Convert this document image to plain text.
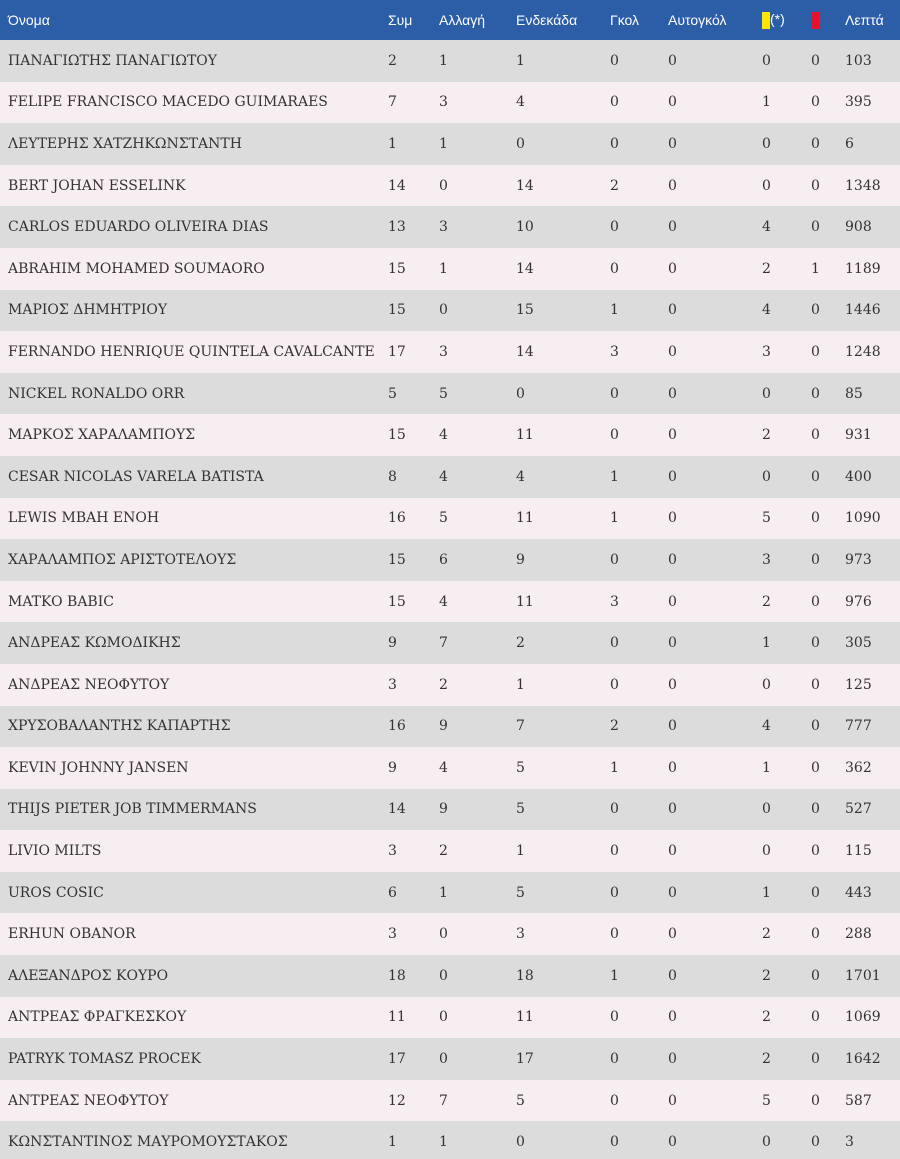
Όνομα	Συμ	Αλλαγή	Ενδεκάδα	Γκολ	Αυτογκόλ	(*)		Λεπτά
ΠΑΝΑΓΙΩΤΗΣ ΠΑΝΑΓΙΩΤΟΥ	2	1	1	0	0	0	0	103
FELIPE FRANCISCO MACEDO GUIMARAES	7	3	4	0	0	1	0	395
ΛΕΥΤΕΡΗΣ ΧΑΤΖΗΚΩΝΣΤΑΝΤΗ	1	1	0	0	0	0	0	6
BERT JOHAN ESSELINK	14	0	14	2	0	0	0	1348
CARLOS EDUARDO OLIVEIRA DIAS	13	3	10	0	0	4	0	908
ABRAHIM MOHAMED SOUMAORO	15	1	14	0	0	2	1	1189
ΜΑΡΙΟΣ ΔΗΜΗΤΡΙΟΥ	15	0	15	1	0	4	0	1446
FERNANDO HENRIQUE QUINTELA CAVALCANTE	17	3	14	3	0	3	0	1248
NICKEL RONALDO ORR	5	5	0	0	0	0	0	85
ΜΑΡΚΟΣ ΧΑΡΑΛΑΜΠΟΥΣ	15	4	11	0	0	2	0	931
CESAR NICOLAS VARELA BATISTA	8	4	4	1	0	0	0	400
LEWIS MBAH ENOH	16	5	11	1	0	5	0	1090
ΧΑΡΑΛΑΜΠΟΣ ΑΡΙΣΤΟΤΕΛΟΥΣ	15	6	9	0	0	3	0	973
MATKO BABIC	15	4	11	3	0	2	0	976
ΑΝΔΡΕΑΣ ΚΩΜΟΔΙΚΗΣ	9	7	2	0	0	1	0	305
ΑΝΔΡΕΑΣ ΝΕΟΦΥΤΟΥ	3	2	1	0	0	0	0	125
ΧΡΥΣΟΒΑΛΑΝΤΗΣ ΚΑΠΑΡΤΗΣ	16	9	7	2	0	4	0	777
KEVIN JOHNNY JANSEN	9	4	5	1	0	1	0	362
THIJS PIETER JOB TIMMERMANS	14	9	5	0	0	0	0	527
LIVIO MILTS	3	2	1	0	0	0	0	115
UROS COSIC	6	1	5	0	0	1	0	443
ERHUN OBANOR	3	0	3	0	0	2	0	288
ΑΛΕΞΑΝΔΡΟΣ ΚΟΥΡΟ	18	0	18	1	0	2	0	1701
ΑΝΤΡΕΑΣ ΦΡΑΓΚΕΣΚΟΥ	11	0	11	0	0	2	0	1069
PATRYK TOMASZ PROCEK	17	0	17	0	0	2	0	1642
ΑΝΤΡΕΑΣ ΝΕΟΦΥΤΟΥ	12	7	5	0	0	5	0	587
ΚΩΝΣΤΑΝΤΙΝΟΣ ΜΑΥΡΟΜΟΥΣΤΑΚΟΣ	1	1	0	0	0	0	0	3
